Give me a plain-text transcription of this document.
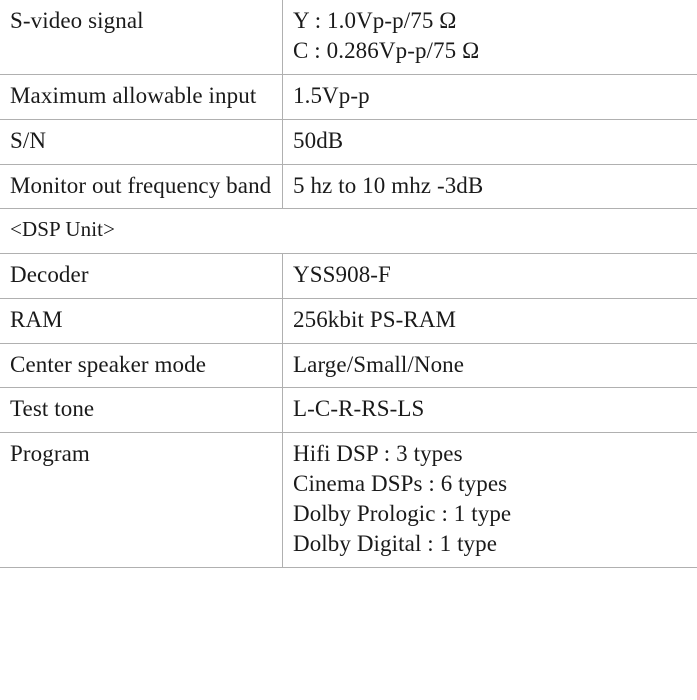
S-video signal	Y : 1.0Vp-p/75 Ω
C : 0.286Vp-p/75 Ω

Maximum allowable input	1.5Vp-p

S/N	50dB

Monitor out frequency band	5 hz to 10 mhz -3dB

<DSP Unit>	
Decoder	YSS908-F

RAM	256kbit PS-RAM

Center speaker mode	Large/Small/None

Test tone	L-C-R-RS-LS

Program	Hifi DSP : 3 types
Cinema DSPs : 6 types
Dolby Prologic : 1 type
Dolby Digital : 1 type
